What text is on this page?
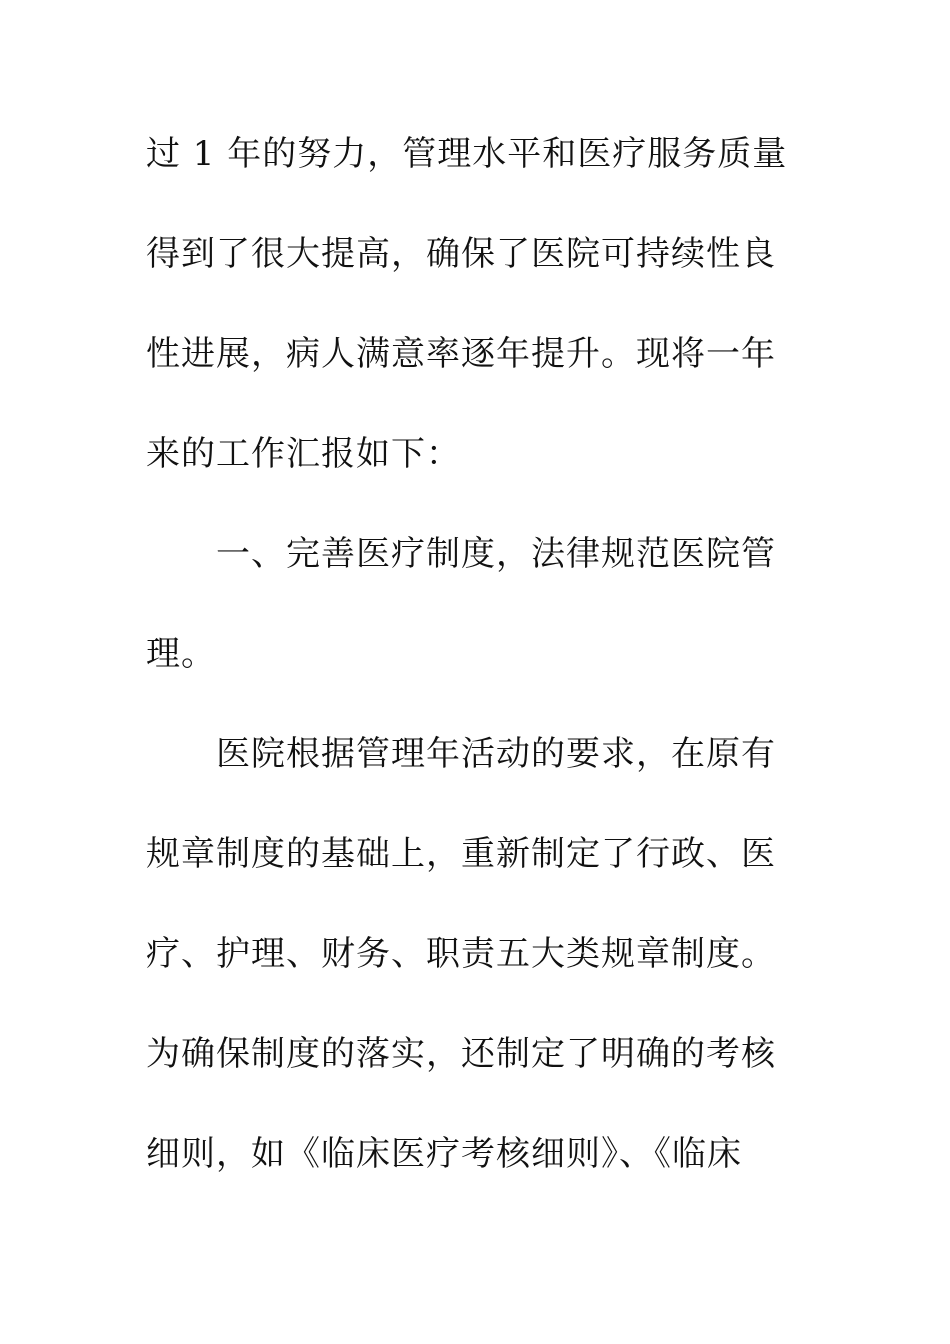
过 1 年的努力，管理水平和医疗服务质量
得到了很大提高，确保了医院可持续性良
性进展，病人满意率逐年提升。现将一年
来的工作汇报如下：
一、完善医疗制度，法律规范医院管
理。
医院根据管理年活动的要求，在原有
规章制度的基础上，重新制定了行政、医
疗、护理、财务、职责五大类规章制度。
为确保制度的落实，还制定了明确的考核
细则，如《临床医疗考核细则》、《临床
